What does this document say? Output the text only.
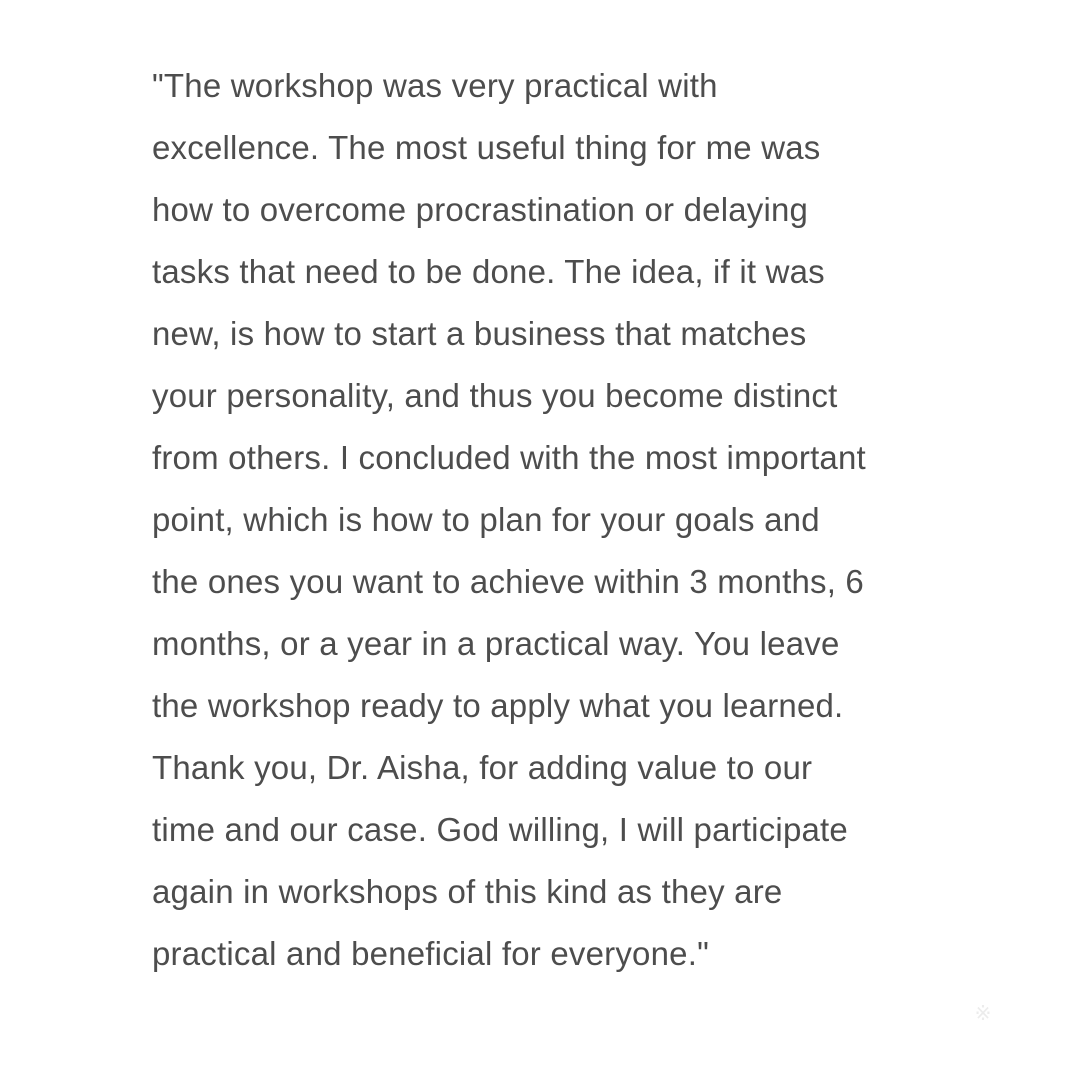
"The workshop was very practical with
excellence. The most useful thing for me was
how to overcome procrastination or delaying
tasks that need to be done. The idea, if it was
new, is how to start a business that matches
your personality, and thus you become distinct
from others. I concluded with the most important
point, which is how to plan for your goals and
the ones you want to achieve within 3 months, 6
months, or a year in a practical way. You leave
the workshop ready to apply what you learned.
Thank you, Dr. Aisha, for adding value to our
time and our case. God willing, I will participate
again in workshops of this kind as they are
practical and beneficial for everyone."
※
